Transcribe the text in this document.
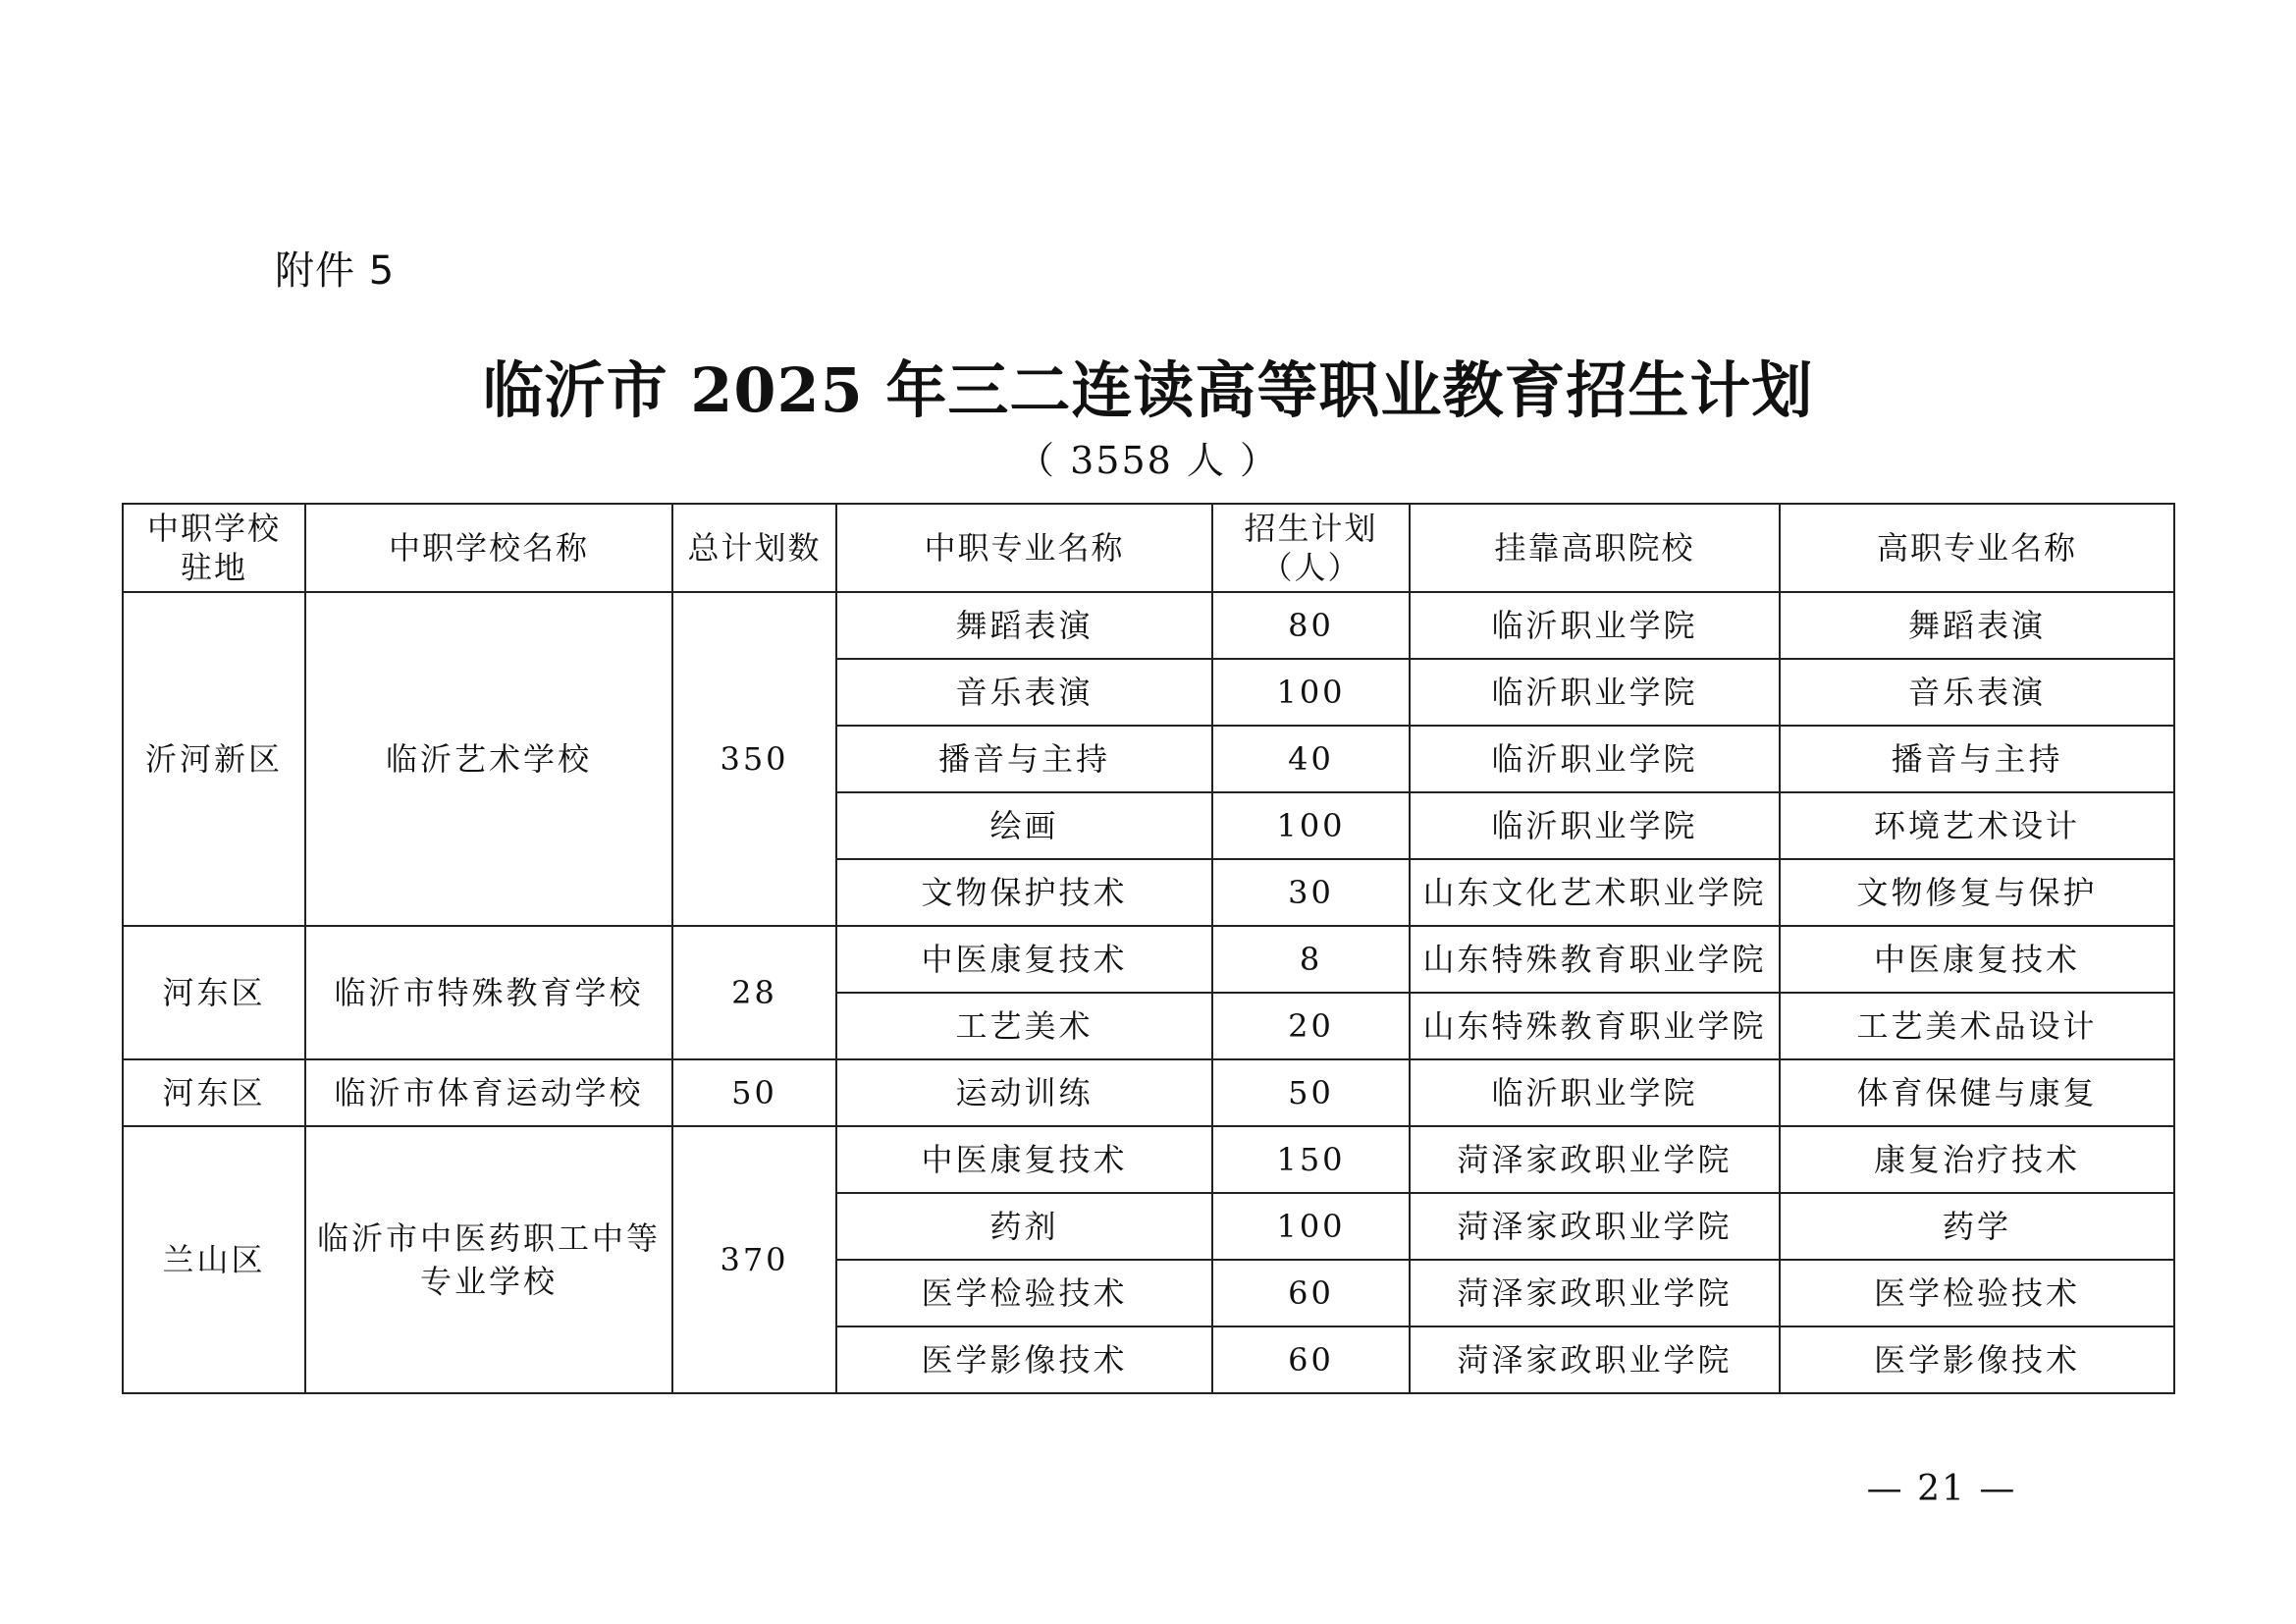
附件 5
临沂市 2025 年三二连读高等职业教育招生计划
（ 3558 人 ）
中职学校驻地	中职学校名称	总计划数	中职专业名称	招生计划（人）	挂靠高职院校	高职专业名称
沂河新区	临沂艺术学校	350	舞蹈表演	80	临沂职业学院	舞蹈表演
			音乐表演	100	临沂职业学院	音乐表演
			播音与主持	40	临沂职业学院	播音与主持
			绘画	100	临沂职业学院	环境艺术设计
			文物保护技术	30	山东文化艺术职业学院	文物修复与保护
河东区	临沂市特殊教育学校	28	中医康复技术	8	山东特殊教育职业学院	中医康复技术
			工艺美术	20	山东特殊教育职业学院	工艺美术品设计
河东区	临沂市体育运动学校	50	运动训练	50	临沂职业学院	体育保健与康复
兰山区	临沂市中医药职工中等专业学校	370	中医康复技术	150	菏泽家政职业学院	康复治疗技术
			药剂	100	菏泽家政职业学院	药学
			医学检验技术	60	菏泽家政职业学院	医学检验技术
			医学影像技术	60	菏泽家政职业学院	医学影像技术
— 21 —
